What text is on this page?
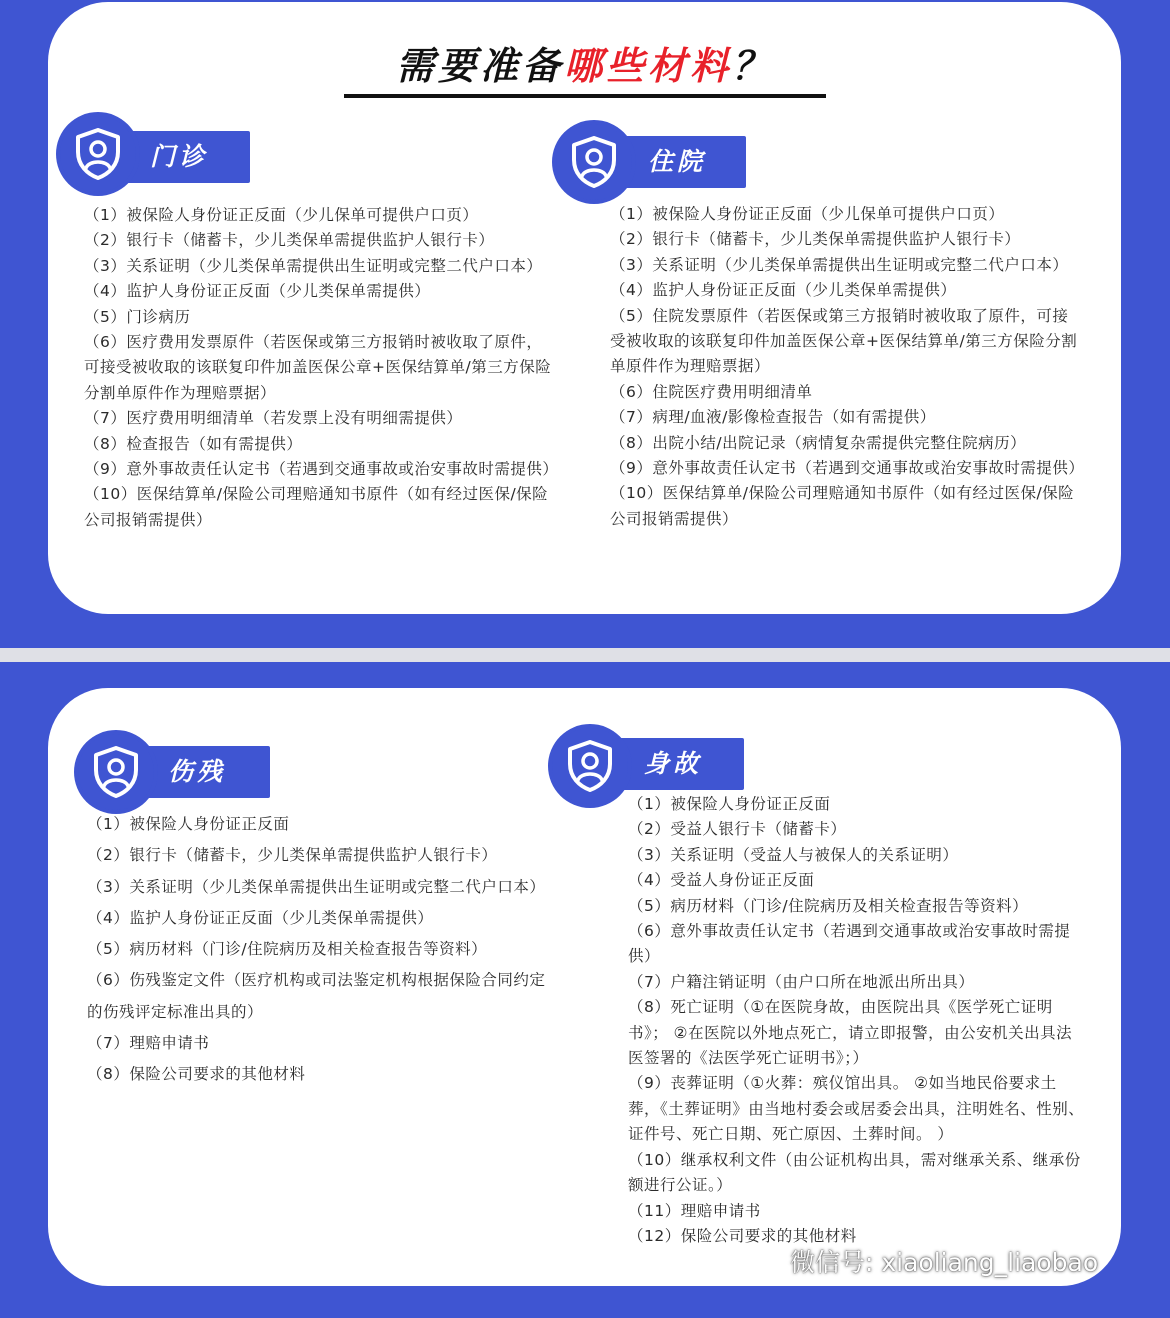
需要准备哪些材料？
门诊
（1）被保险人身份证正反面（少儿保单可提供户口页）
（2）银行卡（储蓄卡，少儿类保单需提供监护人银行卡）
（3）关系证明（少儿类保单需提供出生证明或完整二代户口本）
（4）监护人身份证正反面（少儿类保单需提供）
（5）门诊病历
（6）医疗费用发票原件（若医保或第三方报销时被收取了原件，可接受被收取的该联复印件加盖医保公章+医保结算单/第三方保险分割单原件作为理赔票据）
（7）医疗费用明细清单（若发票上没有明细需提供）
（8）检查报告（如有需提供）
（9）意外事故责任认定书（若遇到交通事故或治安事故时需提供）
（10）医保结算单/保险公司理赔通知书原件（如有经过医保/保险公司报销需提供）
住院
（1）被保险人身份证正反面（少儿保单可提供户口页）
（2）银行卡（储蓄卡，少儿类保单需提供监护人银行卡）
（3）关系证明（少儿类保单需提供出生证明或完整二代户口本）
（4）监护人身份证正反面（少儿类保单需提供）
（5）住院发票原件（若医保或第三方报销时被收取了原件，可接受被收取的该联复印件加盖医保公章+医保结算单/第三方保险分割单原件作为理赔票据）
（6）住院医疗费用明细清单
（7）病理/血液/影像检查报告（如有需提供）
（8）出院小结/出院记录（病情复杂需提供完整住院病历）
（9）意外事故责任认定书（若遇到交通事故或治安事故时需提供）
（10）医保结算单/保险公司理赔通知书原件（如有经过医保/保险公司报销需提供）
伤残
（1）被保险人身份证正反面
（2）银行卡（储蓄卡，少儿类保单需提供监护人银行卡）
（3）关系证明（少儿类保单需提供出生证明或完整二代户口本）
（4）监护人身份证正反面（少儿类保单需提供）
（5）病历材料（门诊/住院病历及相关检查报告等资料）
（6）伤残鉴定文件（医疗机构或司法鉴定机构根据保险合同约定的伤残评定标准出具的）
（7）理赔申请书
（8）保险公司要求的其他材料
身故
（1）被保险人身份证正反面
（2）受益人银行卡（储蓄卡）
（3）关系证明（受益人与被保人的关系证明）
（4）受益人身份证正反面
（5）病历材料（门诊/住院病历及相关检查报告等资料）
（6）意外事故责任认定书（若遇到交通事故或治安事故时需提供）
（7）户籍注销证明（由户口所在地派出所出具）
（8）死亡证明（①在医院身故，由医院出具《医学死亡证明书》； ②在医院以外地点死亡，请立即报警，由公安机关出具法医签署的《法医学死亡证明书》；）
（9）丧葬证明（①火葬：殡仪馆出具。 ②如当地民俗要求土葬，《土葬证明》由当地村委会或居委会出具，注明姓名、性别、证件号、死亡日期、死亡原因、土葬时间。 ）
（10）继承权利文件（由公证机构出具，需对继承关系、继承份额进行公证。）
（11）理赔申请书
（12）保险公司要求的其他材料
微信号: xiaoliang_liaobao
